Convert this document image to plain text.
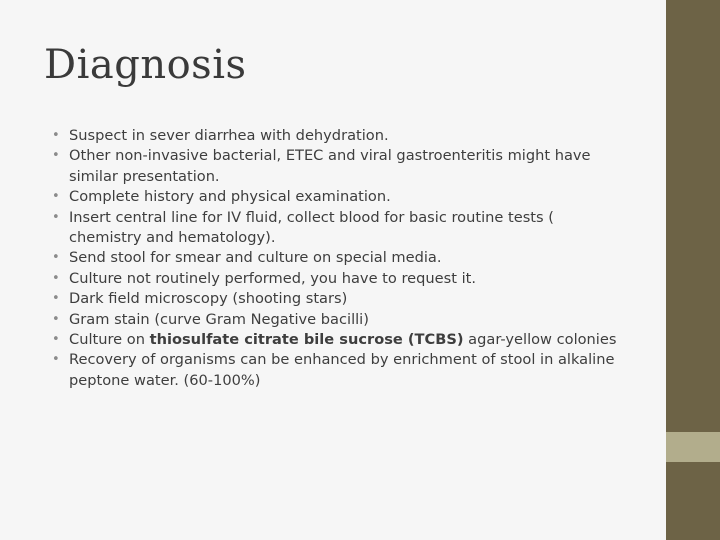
Diagnosis
• Suspect in sever diarrhea with dehydration.
• Other non-invasive bacterial, ETEC and viral gastroenteritis might have similar presentation.
• Complete history and physical examination.
• Insert central line for IV fluid, collect blood for basic routine tests ( chemistry and hematology).
• Send stool for smear and culture on special media.
• Culture not routinely performed, you have to request it.
• Dark field microscopy (shooting stars)
• Gram stain (curve Gram Negative bacilli)
• Culture on thiosulfate citrate bile sucrose (TCBS) agar-yellow colonies
• Recovery of organisms can be enhanced by enrichment of stool in alkaline peptone water. (60-100%)
